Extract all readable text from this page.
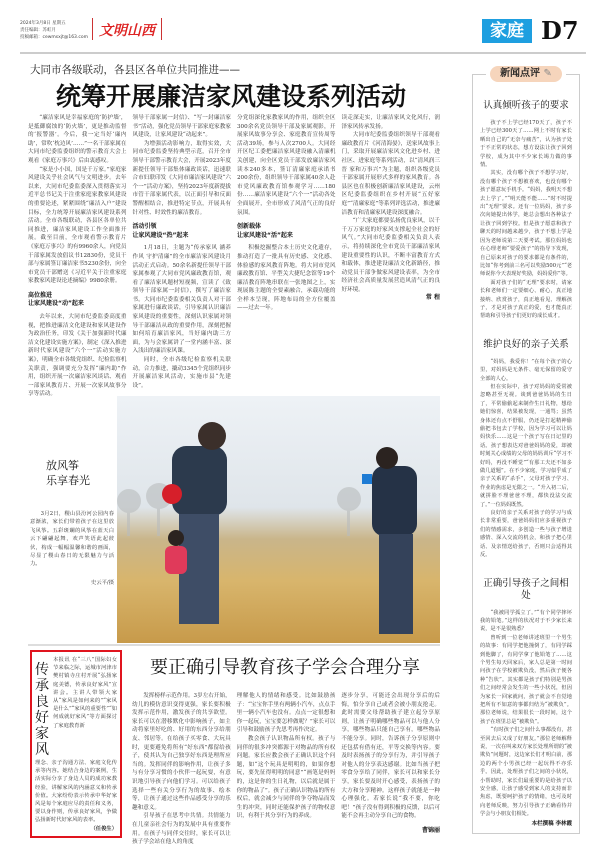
2024年3月8日 星期五
责任编辑：苏虹月
投稿邮箱：cewmsxjt@163.com 文明山西	家庭 D7
大同市各级联动，各县区各单位共同推进——
统筹开展廉洁家风建设系列活动

“廉洁家风是幸福家庭的‘防护墙’，是抵御腐蚀的‘防火墙’，更是推动监督的‘报警器’。今后，我一定当好‘廉内助’，常吹‘枕边风’……”一名干部家属在大同市纪委监委组织的警示教育大会上观看《家庭万事兴》后由衷感叹。

“家是小小国，国是千万家。”家庭家风建设关乎社会风气与文明进步。去年以来，大同市纪委监委深入贯彻落实习近平总书记关于注重家庭家教家风建设的重要论述，紧紧围绕“廉洁入户”建设目标，全力统筹开展廉洁家风建设系列活动。全市各级联动，各县区各单位共同推进，廉洁家风建设工作全面推开展。截至目前，全市观看警示教育片《家庭万事兴》的有9960余人，向党员干部家属发放倡议书12830份，党员干部与家属签订廉洁家书5230余份，向全市党员干部赠送《习近平关于注重家庭家教家风建设论述摘编》9980余册。

高位推进
让家风建设“动”起来

去年以来，大同市纪委监委高度重视，把推进廉洁文化建设和家风建设作为政治任务，印发《关于加强新时代廉洁文化建设实施方案》，制定《深入推进新时代家风建设“六个一”活动实施方案》，明确全市各级党组织、纪检监察机关职责，强调要充分发挥“廉内助”作用，组织开展一次廉洁家风谈话、观看一部家风教育片、开展一次家风故事分享等活动。

领导干部家属一封信》、“写一封廉洁家书”活动，强化党员领导干部家庭家教家风建设，让家风建设“动起来”。

为增强活动影响力，取得实效，大同市纪委监委坚持典型示范，召开全市领导干部警示教育大会，开展2023年度新提任领导干部集体廉政谈话，迅速联合市妇联印发《大同市廉洁家风建设“六个一”活动方案》，坚持2023年度新提拔市管干部家属代表，以正面引导和反面警醒相结合，推进特定节点，开展具有针对性、时效性的廉洁教育。

活动引领
让家风建设“热”起来

1月18日，主题为“传承家风 涵养作风 守护清廉”的全市廉洁家风建设月活动正式启动。50余名新提任领导干部家属参观了大同市党风廉政教育馆，观看了廉洁家风题材短视频，宣读了《致领导干部家属一封信》，撰写了廉洁家书。大同市纪委监委相关负责人对干部家属进行廉政谈话，引导家属认识廉洁家风建设的重要性，深刻认识家属对领导干部廉洁从政的重要作用，深刻把握如何培育廉洁家风，当好廉内助三方面，为与会家属讲了一堂内涵丰富、深入浅出的廉洁家风课。

同时，全市各级纪检监察机关联动，合力推进，撬动3345个党组织同步开展廉洁家风活动，实施市县“先建设”。

分党组深化家教家风的作用，组织全区300余名党员领导干部及家属观影，开展家风故事分享会、家庭教育宣传周等活动39场，参与人次2700人。大同经开区纪工委把廉洁家风建设融入清廉机关创建，向全区党员干部发放廉洁家风读本240多本，签订清廉家庭承诺书200余份，组织领导干部家属40余人赴市党风廉政教育馆参观学习……180份……廉洁家风建设“六个一”活动各处全面展开，全市形成了风清气正的良好氛围。

创新载体
让家风建设“活”起来

积极挖掘整合本土历史文化遗存，推动打造了一批具有历史感、文化感、体验感的家风教育阵地。将大同市党风廉政教育馆、平型关大捷纪念馆等19个廉洁教育阵地串联在一张地图之上，实现展陈主题的全要素融合，承载功能的全样本呈现，阵地布局的全方位覆盖——过去一年。

读走深走实，让廉洁家风文化风行，润泽家风传承发扬。

大同市纪委监委组织领导干部观看廉政教育片《河清海晏》，送家风故事上门，采取开展廉洁家风文化进乡村、进社区、进家庭等系列活动，以“清风润三晋 家和万事兴”为主题，组织各级党员干部家属开展形式多样的家风教育。各县区也在积极创新廉洁家风建设，云州区纪委监委组织在乡村开展“五好家庭”“清廉家庭”等系列评选活动，推进廉洁教育和清廉家风建设深度融合。

“广大家庭都要弘扬优良家风，以千千万万家庭的好家风支撑起全社会的好风气。”大同市纪委监委相关负责人表示，将持续深化全市党员干部廉洁家风建设重要性的认识，不断丰富教育方式和载体，推进建设廉洁文化新路径，推动党员干部争做家风建设表率，为全市经济社会高质量发展营造风清气正的良好环境。

常 程
放风筝
乐享春光
3月2日，稷山县汾河公园内春意渐浓，家长们带着孩子在这里放飞风筝。五彩斑斓的风筝在蓝天白云下翩翩起舞，欢声笑语此起彼伏，构成一幅幅温馨和谐的画面，尽显了稷山春日的无限魅力与活力。
史云平/摄
传承良好家风
本报讯 在“三八”国际妇女节来临之际，运城市河津市樊村镇寺庄村开展“弘扬家庭美德，传承良好家风”宣讲会。主讲人带领大家从“家风是如何来的”“家风是什么”“家风的重要性”“如何成就好家风”等方面探讨了家庭教育新
理念、亲子沟通方法、家庭文化传承等内容。她结合身边的案例，生活实际分享了身边人员的成功家教经验，讲解家风的内涵意义和传承价值。大家纷纷表示传承中华好家风是每个家庭应尽的责任和义务，要以身作则，传承良好家风，争做弘扬新时代好家风的表率。
（任俊生）
要正确引导教育孩子学会合理分享

发挥榜样示范作用。3岁左右开始，幼儿的模仿意识变得更强，家长要积极发挥示范作用，激发孩子的共享欲望。家长可以在潜移默化中影响孩子，如主动将家里好吃的、好用的东西分享给朋友、邻居等。在给孩子买零食、大玩具时，更要避免将所有“好东西”都留给孩子，使其认为自己独享好东西是理所应当的。发挥同伴的影响作用，让孩子多与有分享习惯的小伙伴一起玩耍，有意识地引导孩子向他们学习。可以给孩子选择一些有关分享行为的故事、绘本等，让孩子通过这些作品感受分享的乐趣和意义。

引导孩子在思考中共情。共情能力在儿童亲社会行为的发展中具有重要作用。在孩子与同伴交往时，家长可以让孩子学会站在他人的角度

理解他人的情绪和感受。比如鼓励孩子：“宝宝你手里有两辆小汽车，点点手里一辆小汽车也没有。点点一定很想和你一起玩，宝宝要怎样做呢？”家长可以引导和鼓励孩子先思考再作决定。

教会孩子认识物品所有权。孩子与同伴的很多冲突都源于对物品的所有权问题。家长应教会孩子正确认识这个问题，如“这个玩具是明明的，如果你想玩，要先征得明明的同意”“画笔是妈妈的，这是你的生日礼物，以后就是属于你的物品了”。孩子正确认识物品的所有权后，就会减少与同伴的争夺物品而发生的冲突，同时还能保护孩子的物权意识，有利于其分享行为的养成。

逐步分享，可能还会出现分享后的后悔，怕分享自己或者会被小朋友抢走。此时需要父母帮助孩子建立起分享原则，让孩子明确哪些物品可以与他人分享，哪些物品只能自己享有，哪些物品不能分享。同时，告诉孩子分享原则中还包括有借有还，平等交换等内容。要及时表扬孩子的分享行为，并引导孩子对他人的分享表达感谢。比如当孩子把零食分享给了同伴，家长可以和家长分享，家长要及时开心感受，表扬孩子的大方和分享精神。这样孩子就能是一种心理强化。若家长说“我不要，你吃吧！”孩子没有得到积极的反馈，以后可能不会再主动分享自己的食物。

曹锦丽
新闻点评 ✎
认真倾听孩子的要求

孩子不上学已经170天了，孩子不上学已经300天了……网上不时有家长晒出自己的“无奈与痛苦”，认为孩子处于不正常的状态，想方设法让孩子回到学校，成为其中不少家长竭力做的事情。

其实，没有哪个孩子不想学习好，没有哪个孩子不想被喜欢，也没有哪个孩子愿意玩手机手。“妈妈，我明天不想去上学了。”“明天能不能……”时不时提出“无理”要求。还有一位妈妈，孩子多次向她提出休学，她总会想出各种法子让孩子回到学校。但是孩子愿意和孩子聊天的时间越来越少，孩子不想上学是因为老师说第二天要考试。那位妈妈也在心理老师“要爱孩子”的指导下发现，自己原来对孩子的要求都是有条件的，比如“你考到前三名可以奖励500元”“老师说你今天表现好奖励，妈妈爱你”等。

面对孩子们的“无理”要求时，请家长和老师们一定要细心、耐心，真正地接纳、欣赏孩子，真正地看见、理解孩子，才是对孩子真正的爱，也才能真正帮助和引导孩子们更好的成长成才。

维护良好的亲子关系

“妈妈，我爱你！”在每个孩子的心里，对妈妈是无条件、毫无保留的爱守全部的人心。

但在实际中，孩子对妈妈的爱常被忽略甚至无视。谈到爸爸妈妈的生日了，平常偷偷起来制作生日礼物，想给她们惊喜，结果被发现，一通骂；虽然身体还有点不舒服，仍还是打起精神偷偷把书包去了学校，因为学习可以让妈妈快乐……这是一个孩子写在日记里的话。孩子想表达对爸爸妈妈的爱，却被时刻关心成绩的父母的妈妈训斥“学习不好吗，再没不睡觉”“有那工夫还不如多做几道题”。在不少家庭，学习似乎成了亲子关系的“杀手”，父母对孩子学习、作业的焦虑是无限之一。“升入初二后，就拼脸不理爸爸不理，都快没法交流了。”一位妈妈既然。

良好的亲子关系对孩子的学习与成长非常重要，爸爸妈妈们应多重视孩子们的情感需求，多创造一些与孩子增进感情、深入交流的机会，和孩子把心里话、及亲情送给孩子，否则只会适得其反。

正确引导孩子之间相处

“我被同学孤立了。”“有个同学摔坏我的铅笔。”这样的状况对于不少家长来说，是不是很熟悉？

曾听到一位老师讲述班里一个男生的故事：有同学把他撞倒了，有同学踩到他脚了，有同学拿了他铅笔了……这个男生每天回家后，家人总是第一时间问孩子在学校被欺负没，然后孩子便各种“告状”。其实都是孩子们特别是男孩们之间经常会发生的一些小状况，但因为家长一回家就问，孩子就会不自觉地把所有不如意的事都归结为“被欺负”。那位老师说，结果很长一段时间，这个孩子在班里总是“被欺负”。

“有时孩子们之间什么事都没有，甚至回去后又成了好朋友。”那位老师解释说，一次在叫来双方家长处理所谓的“被欺负”问题时，这边家长们才明白前，那边的两个小男孩已经一起玩得不亦乐乎。因此，处理孩子们之间的小状况，小帮助时，家长们最重要的是给孩子以安全感，让孩子感受到家人的支持而非焦虑，既要呵护孩子的情绪，也可及时向老师反映，努力引导孩子正确看待并学会与小朋友们相处。

本栏撰稿 李林霞
